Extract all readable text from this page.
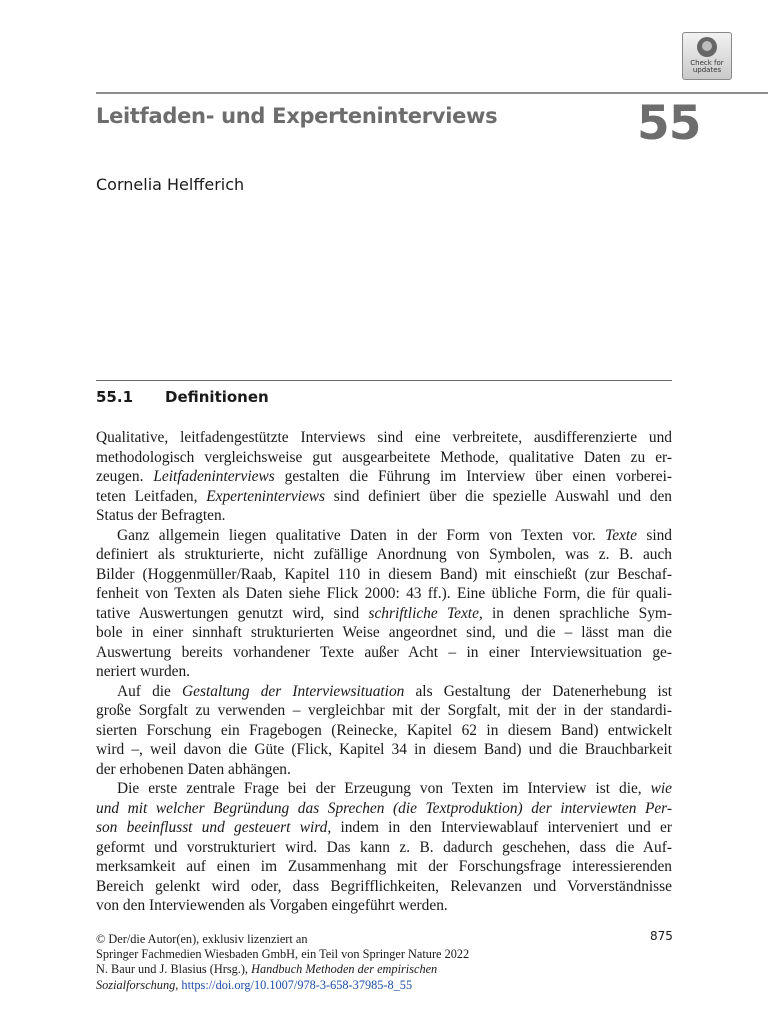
Check for
updates
Leitfaden- und Experteninterviews	55
Cornelia Helfferich
55.1 Definitionen
Qualitative, leitfadengestützte Interviews sind eine verbreitete, ausdifferenzierte und
methodologisch vergleichsweise gut ausgearbeitete Methode, qualitative Daten zu er-
zeugen. Leitfadeninterviews gestalten die Führung im Interview über einen vorberei-
teten Leitfaden, Experteninterviews sind definiert über die spezielle Auswahl und den
Status der Befragten.
Ganz allgemein liegen qualitative Daten in der Form von Texten vor. Texte sind
definiert als strukturierte, nicht zufällige Anordnung von Symbolen, was z. B. auch
Bilder (Hoggenmüller/Raab, Kapitel 110 in diesem Band) mit einschießt (zur Beschaf-
fenheit von Texten als Daten siehe Flick 2000: 43 ff.). Eine übliche Form, die für quali-
tative Auswertungen genutzt wird, sind schriftliche Texte, in denen sprachliche Sym-
bole in einer sinnhaft strukturierten Weise angeordnet sind, und die – lässt man die
Auswertung bereits vorhandener Texte außer Acht – in einer Interviewsituation ge-
neriert wurden.
Auf die Gestaltung der Interviewsituation als Gestaltung der Datenerhebung ist
große Sorgfalt zu verwenden – vergleichbar mit der Sorgfalt, mit der in der standardi-
sierten Forschung ein Fragebogen (Reinecke, Kapitel 62 in diesem Band) entwickelt
wird –, weil davon die Güte (Flick, Kapitel 34 in diesem Band) und die Brauchbarkeit
der erhobenen Daten abhängen.
Die erste zentrale Frage bei der Erzeugung von Texten im Interview ist die, wie
und mit welcher Begründung das Sprechen (die Textproduktion) der interviewten Per-
son beeinflusst und gesteuert wird, indem in den Interviewablauf interveniert und er
geformt und vorstrukturiert wird. Das kann z. B. dadurch geschehen, dass die Auf-
merksamkeit auf einen im Zusammenhang mit der Forschungsfrage interessierenden
Bereich gelenkt wird oder, dass Begrifflichkeiten, Relevanzen und Vorverständnisse
von den Interviewenden als Vorgaben eingeführt werden.
© Der/die Autor(en), exklusiv lizenziert an
Springer Fachmedien Wiesbaden GmbH, ein Teil von Springer Nature 2022
N. Baur und J. Blasius (Hrsg.), Handbuch Methoden der empirischen
Sozialforschung, https://doi.org/10.1007/978-3-658-37985-8_55
875
